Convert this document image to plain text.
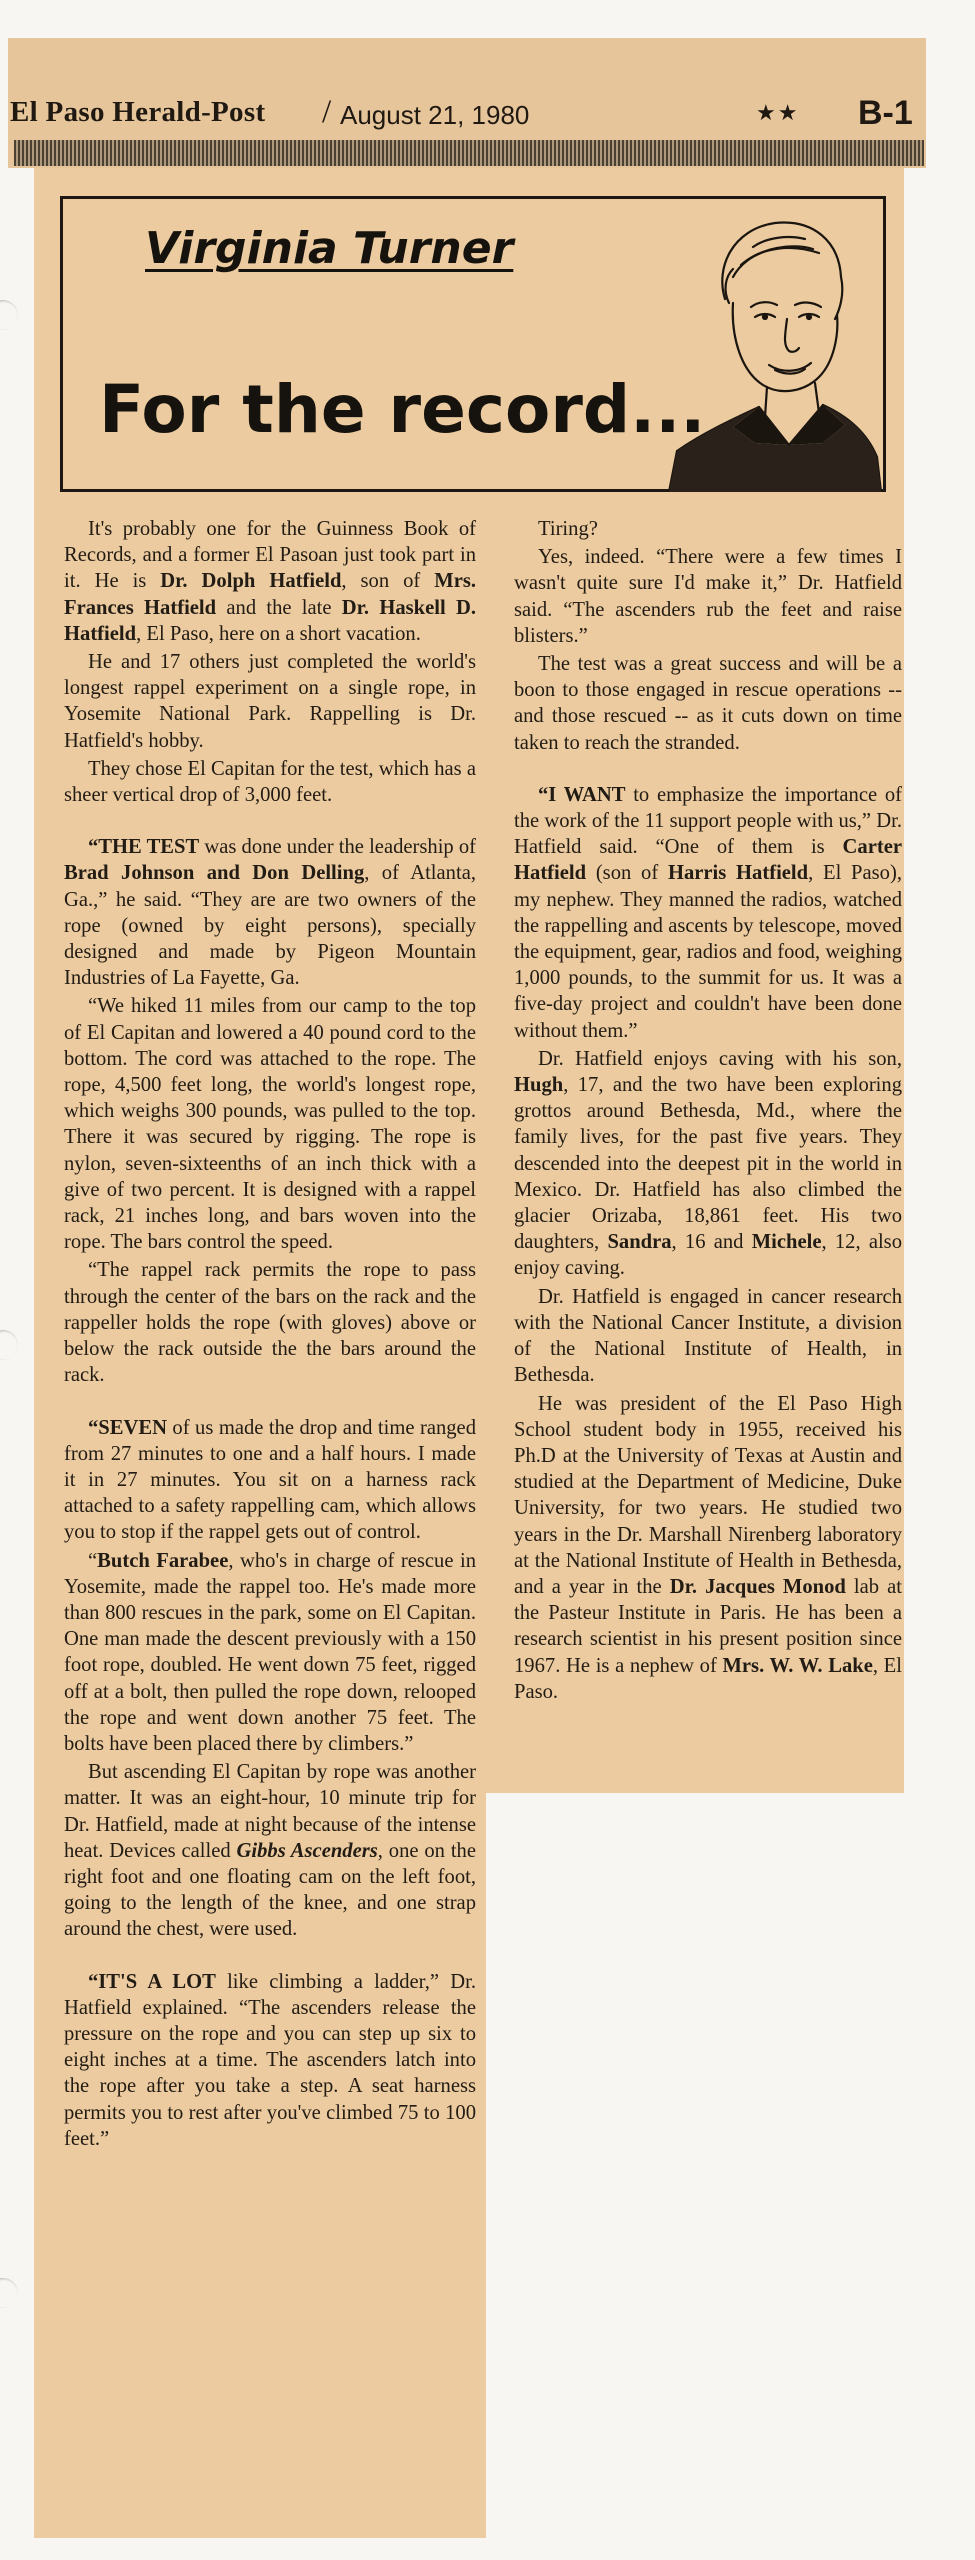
El Paso Herald-Post / August 21, 1980	★★ B-1
Virginia Turner
For the record...

It's probably one for the Guinness Book of Records, and a former El Pasoan just took part in it. He is Dr. Dolph Hatfield, son of Mrs. Frances Hatfield and the late Dr. Haskell D. Hatfield, El Paso, here on a short vacation.

He and 17 others just completed the world's longest rappel experiment on a single rope, in Yosemite National Park. Rappelling is Dr. Hatfield's hobby.

They chose El Capitan for the test, which has a sheer vertical drop of 3,000 feet.

“THE TEST was done under the leadership of Brad Johnson and Don Delling, of Atlanta, Ga.,” he said. “They are are two owners of the rope (owned by eight persons), specially designed and made by Pigeon Mountain Industries of La Fayette, Ga.

“We hiked 11 miles from our camp to the top of El Capitan and lowered a 40 pound cord to the bottom. The cord was attached to the rope. The rope, 4,500 feet long, the world's longest rope, which weighs 300 pounds, was pulled to the top. There it was secured by rigging. The rope is nylon, seven-sixteenths of an inch thick with a give of two percent. It is designed with a rappel rack, 21 inches long, and bars woven into the rope. The bars control the speed.

“The rappel rack permits the rope to pass through the center of the bars on the rack and the rappeller holds the rope (with gloves) above or below the rack outside the the bars around the rack.

“SEVEN of us made the drop and time ranged from 27 minutes to one and a half hours. I made it in 27 minutes. You sit on a harness rack attached to a safety rappelling cam, which allows you to stop if the rappel gets out of control.

“Butch Farabee, who's in charge of rescue in Yosemite, made the rappel too. He's made more than 800 rescues in the park, some on El Capitan. One man made the descent previously with a 150 foot rope, doubled. He went down 75 feet, rigged off at a bolt, then pulled the rope down, relooped the rope and went down another 75 feet. The bolts have been placed there by climbers.”

But ascending El Capitan by rope was another matter. It was an eight-hour, 10 minute trip for Dr. Hatfield, made at night because of the intense heat. Devices called Gibbs Ascenders, one on the right foot and one floating cam on the left foot, going to the length of the knee, and one strap around the chest, were used.

“IT'S A LOT like climbing a ladder,” Dr. Hatfield explained. “The ascenders release the pressure on the rope and you can step up six to eight inches at a time. The ascenders latch into the rope after you take a step. A seat harness permits you to rest after you've climbed 75 to 100 feet.”

Tiring?

Yes, indeed. “There were a few times I wasn't quite sure I'd make it,” Dr. Hatfield said. “The ascenders rub the feet and raise blisters.”

The test was a great success and will be a boon to those engaged in rescue operations -- and those rescued -- as it cuts down on time taken to reach the stranded.

“I WANT to emphasize the importance of the work of the 11 support people with us,” Dr. Hatfield said. “One of them is Carter Hatfield (son of Harris Hatfield, El Paso), my nephew. They manned the radios, watched the rappelling and ascents by telescope, moved the equipment, gear, radios and food, weighing 1,000 pounds, to the summit for us. It was a five-day project and couldn't have been done without them.”

Dr. Hatfield enjoys caving with his son, Hugh, 17, and the two have been exploring grottos around Bethesda, Md., where the family lives, for the past five years. They descended into the deepest pit in the world in Mexico. Dr. Hatfield has also climbed the glacier Orizaba, 18,861 feet. His two daughters, Sandra, 16 and Michele, 12, also enjoy caving.

Dr. Hatfield is engaged in cancer research with the National Cancer Institute, a division of the National Institute of Health, in Bethesda.

He was president of the El Paso High School student body in 1955, received his Ph.D at the University of Texas at Austin and studied at the Department of Medicine, Duke University, for two years. He studied two years in the Dr. Marshall Nirenberg laboratory at the National Institute of Health in Bethesda, and a year in the Dr. Jacques Monod lab at the Pasteur Institute in Paris. He has been a research scientist in his present position since 1967. He is a nephew of Mrs. W. W. Lake, El Paso.
